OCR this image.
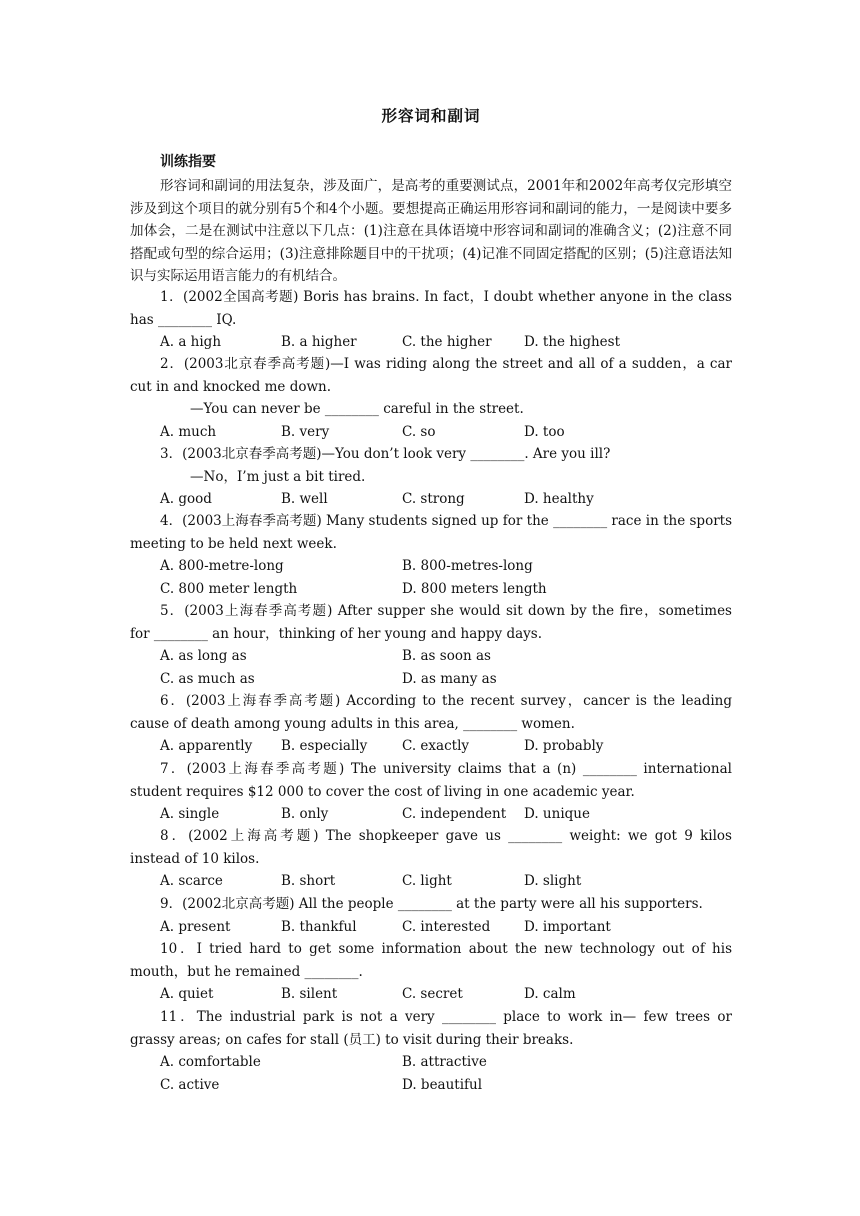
形容词和副词
训练指要
形容词和副词的用法复杂，涉及面广，是高考的重要测试点，2001年和2002年高考仅完形填空涉及到这个项目的就分别有5个和4个小题。要想提高正确运用形容词和副词的能力，一是阅读中要多加体会，二是在测试中注意以下几点：(1)注意在具体语境中形容词和副词的准确含义；(2)注意不同搭配或句型的综合运用；(3)注意排除题目中的干扰项；(4)记准不同固定搭配的区别；(5)注意语法知识与实际运用语言能力的有机结合。
1．(2002全国高考题) Boris has brains. In fact，I doubt whether anyone in the class has ________ IQ.
A. a high	B. a higher	C. the higher D. the highest
2．(2003北京春季高考题)—I was riding along the street and all of a sudden，a car cut in and knocked me down.
—You can never be ________ careful in the street.
A. much	B. very	C. so	D. too
3．(2003北京春季高考题)—You don’t look very ________. Are you ill?
—No，I’m just a bit tired.
A. good	B. well	C. strong	D. healthy
4．(2003上海春季高考题) Many students signed up for the ________ race in the sports meeting to be held next week.
A. 800-metre-long	B. 800-metres-long
C. 800 meter length	D. 800 meters length
5．(2003上海春季高考题) After supper she would sit down by the fire，sometimes for ________ an hour，thinking of her young and happy days.
A. as long as	B. as soon as
C. as much as	D. as many as
6．(2003上海春季高考题) According to the recent survey，cancer is the leading cause of death among young adults in this area, ________ women.
A. apparently B. especially	C. exactly	D. probably
7．(2003上海春季高考题) The university claims that a (n) ________ international student requires $12 000 to cover the cost of living in one academic year.
A. single	B. only	C. independent D. unique
8．(2002上海高考题) The shopkeeper gave us ________ weight: we got 9 kilos instead of 10 kilos.
A. scarce	B. short	C. light	D. slight
9．(2002北京高考题) All the people ________ at the party were all his supporters.
A. present	B. thankful	C. interested D. important
10．I tried hard to get some information about the new technology out of his mouth，but he remained ________.
A. quiet	B. silent	C. secret	D. calm
11．The industrial park is not a very ________ place to work in— few trees or grassy areas; on cafes for stall (员工) to visit during their breaks.
A. comfortable	B. attractive
C. active	D. beautiful
